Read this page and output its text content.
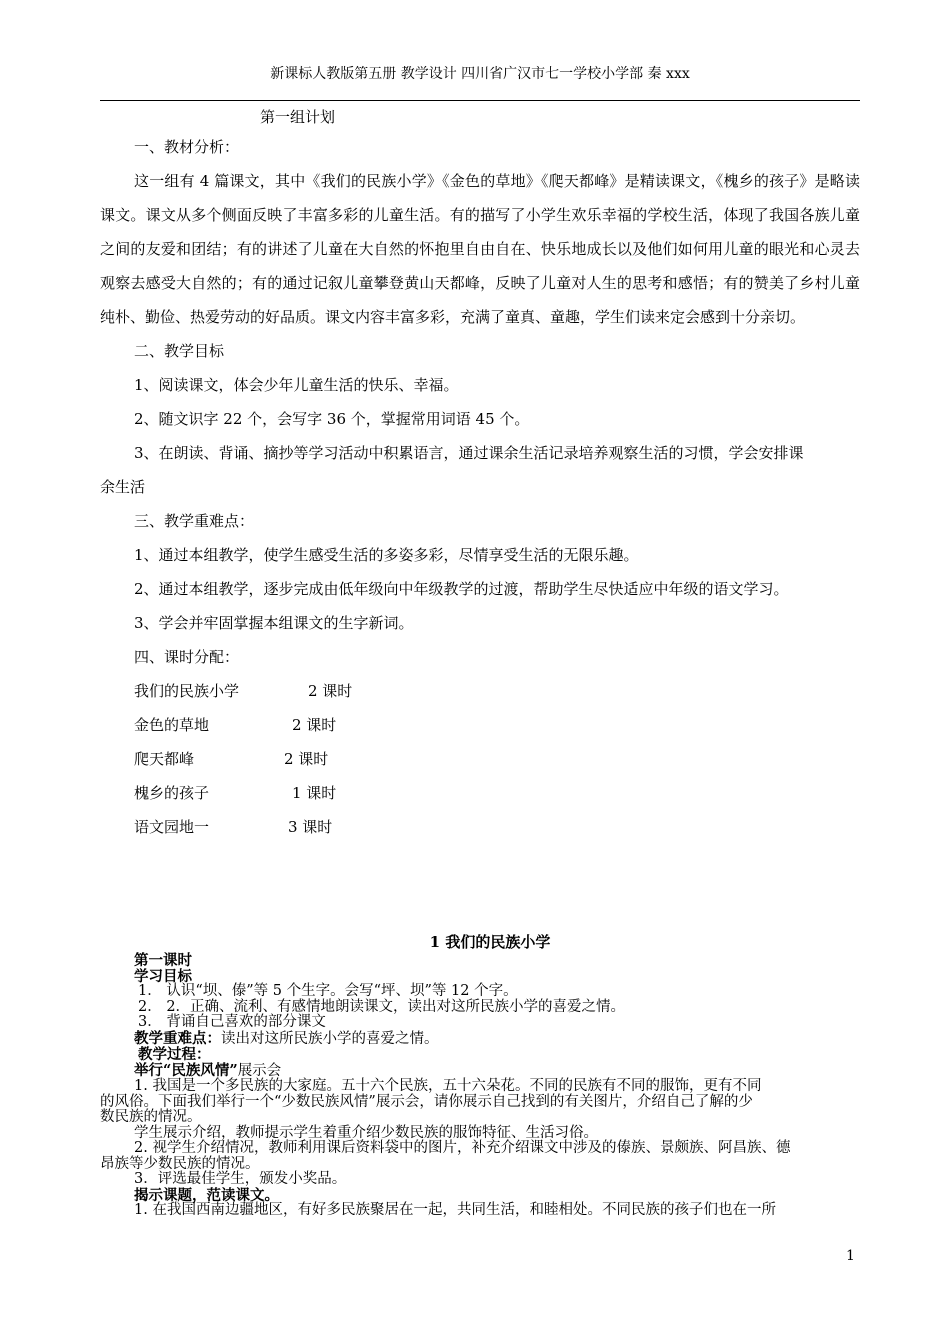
新课标人教版第五册 教学设计 四川省广汉市七一学校小学部 秦 xxx
第一组计划
一、教材分析：
这一组有 4 篇课文，其中《我们的民族小学》《金色的草地》《爬天都峰》是精读课文，《槐乡的孩子》是略读课文。课文从多个侧面反映了丰富多彩的儿童生活。有的描写了小学生欢乐幸福的学校生活，体现了我国各族儿童之间的友爱和团结；有的讲述了儿童在大自然的怀抱里自由自在、快乐地成长以及他们如何用儿童的眼光和心灵去观察去感受大自然的；有的通过记叙儿童攀登黄山天都峰，反映了儿童对人生的思考和感悟；有的赞美了乡村儿童纯朴、勤俭、热爱劳动的好品质。课文内容丰富多彩，充满了童真、童趣，学生们读来定会感到十分亲切。
二、教学目标
1、阅读课文，体会少年儿童生活的快乐、幸福。
2、随文识字 22 个，会写字 36 个，掌握常用词语 45 个。
3、在朗读、背诵、摘抄等学习活动中积累语言，通过课余生活记录培养观察生活的习惯，学会安排课
余生活
三、教学重难点：
1、通过本组教学，使学生感受生活的多姿多彩，尽情享受生活的无限乐趣。
2、通过本组教学，逐步完成由低年级向中年级教学的过渡，帮助学生尽快适应中年级的语文学习。
3、学会并牢固掌握本组课文的生字新词。
四、课时分配：
我们的民族小学	2 课时
金色的草地	2 课时
爬天都峰	2 课时
槐乡的孩子	1 课时
语文园地一	3 课时
1 我们的民族小学
第一课时
学习目标
1． 认识“坝、傣”等 5 个生字。会写“坪、坝”等 12 个字。
2． 2．正确、流利、有感情地朗读课文，读出对这所民族小学的喜爱之情。
3． 背诵自己喜欢的部分课文
教学重难点：读出对这所民族小学的喜爱之情。
教学过程：
举行“民族风情”展示会
1. 我国是一个多民族的大家庭。五十六个民族，五十六朵花。不同的民族有不同的服饰，更有不同
的风俗。下面我们举行一个“少数民族风情”展示会，请你展示自己找到的有关图片，介绍自己了解的少
数民族的情况。
学生展示介绍，教师提示学生着重介绍少数民族的服饰特征、生活习俗。
2. 视学生介绍情况，教师利用课后资料袋中的图片，补充介绍课文中涉及的傣族、景颇族、阿昌族、德
昂族等少数民族的情况。
3．评选最佳学生，颁发小奖品。
揭示课题，范读课文。
1. 在我国西南边疆地区，有好多民族聚居在一起，共同生活，和睦相处。不同民族的孩子们也在一所
1
